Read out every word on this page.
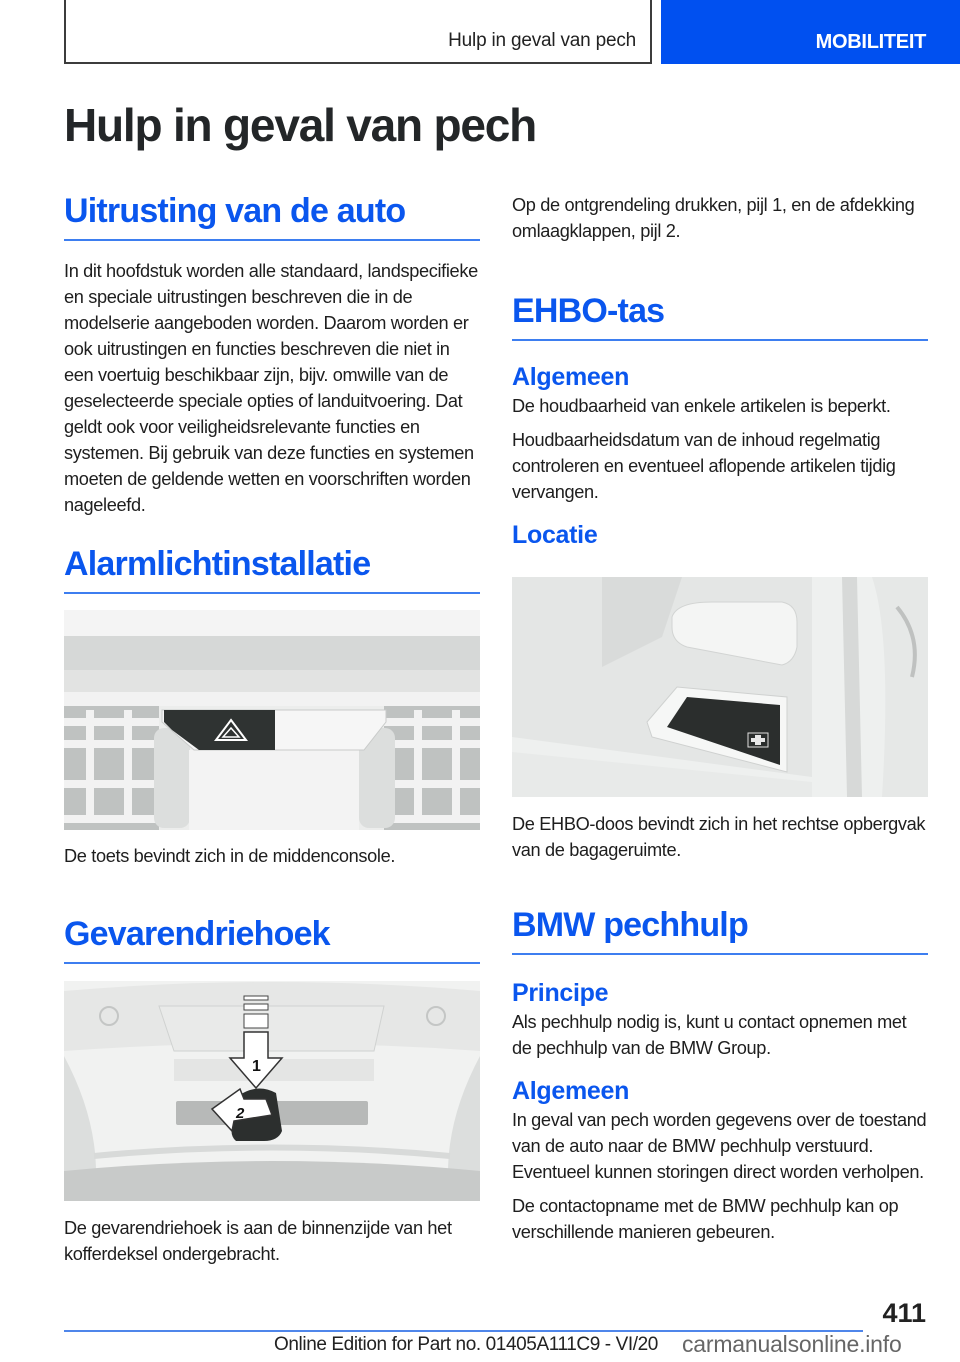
Hulp in geval van pech	MOBILITEIT
Hulp in geval van pech
Uitrusting van de auto

In dit hoofdstuk worden alle standaard, landspecifieke en speciale uitrustingen beschreven die in de modelserie aangeboden worden. Daarom worden er ook uitrustingen en functies beschreven die niet in een voertuig beschikbaar zijn, bijv. omwille van de geselecteerde speciale opties of landuitvoering. Dat geldt ook voor veiligheidsrelevante functies en systemen. Bij gebruik van deze functies en systemen moeten de geldende wetten en voorschriften worden nageleefd.

Alarmlichtinstallatie

De toets bevindt zich in de middenconsole.

Gevarendriehoek
1
2

De gevarendriehoek is aan de binnenzijde van het kofferdeksel ondergebracht.

Op de ontgrendeling drukken, pijl 1, en de afdekking omlaagklappen, pijl 2.

EHBO-tas
Algemeen

De houdbaarheid van enkele artikelen is beperkt.

Houdbaarheidsdatum van de inhoud regelmatig controleren en eventueel aflopende artikelen tijdig vervangen.

Locatie

De EHBO-doos bevindt zich in het rechtse opbergvak van de bagageruimte.

BMW pechhulp
Principe

Als pechhulp nodig is, kunt u contact opnemen met de pechhulp van de BMW Group.

Algemeen

In geval van pech worden gegevens over de toestand van de auto naar de BMW pechhulp verstuurd. Eventueel kunnen storingen direct worden verholpen.

De contactopname met de BMW pechhulp kan op verschillende manieren gebeuren.

411
Online Edition for Part no. 01405A111C9 - VI/20 carmanualsonline.info
